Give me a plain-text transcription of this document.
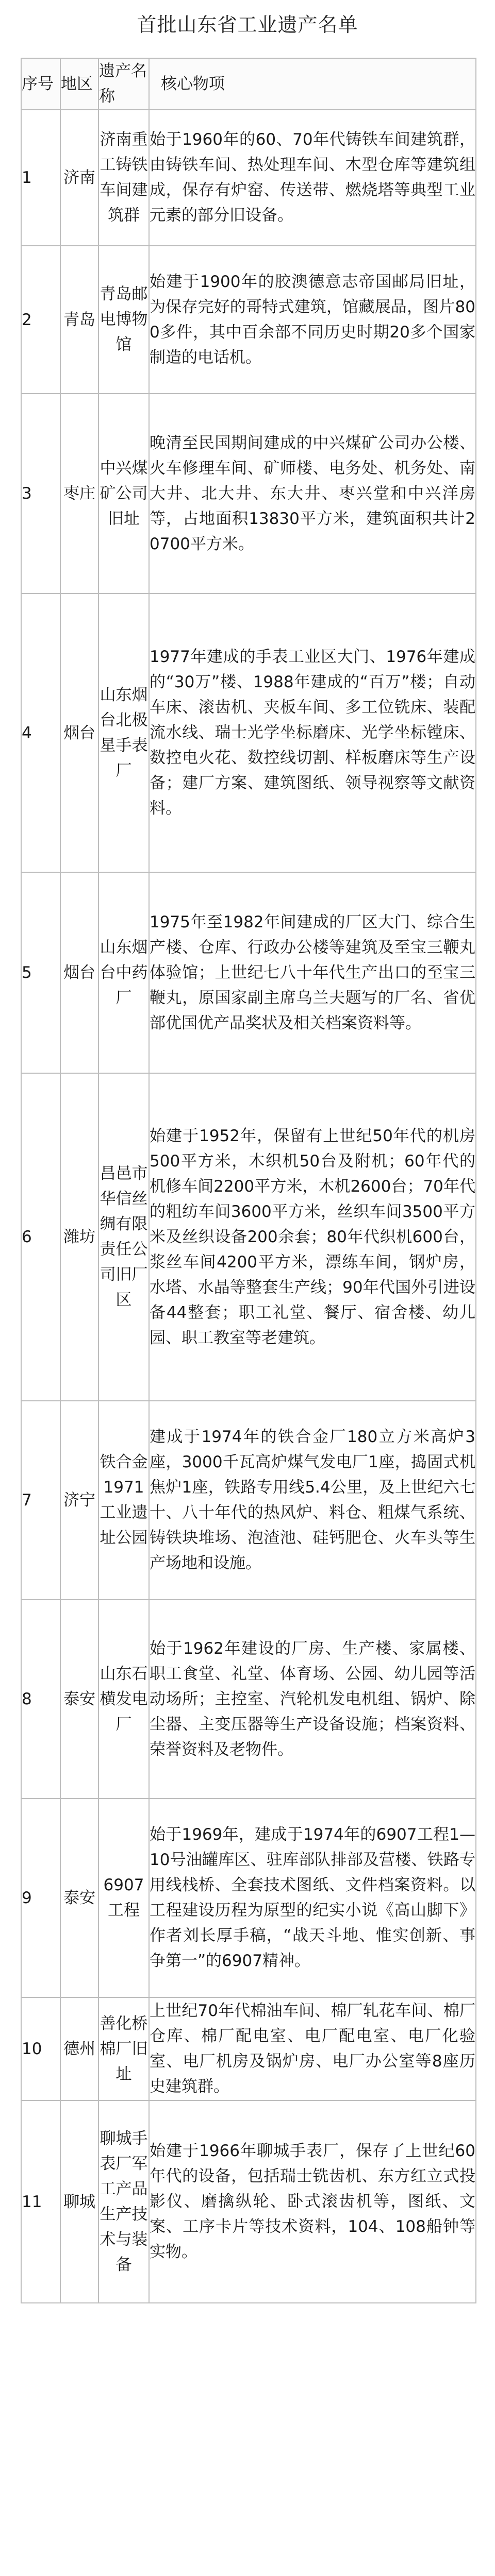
首批山东省工业遗产名单
序号	地区	遗产名称	核心物项
1	济南	济南重工铸铁车间建筑群	始于1960年的60、70年代铸铁车间建筑群，由铸铁车间、热处理车间、木型仓库等建筑组成，保存有炉窑、传送带、燃烧塔等典型工业元素的部分旧设备。
2	青岛	青岛邮电博物馆	始建于1900年的胶澳德意志帝国邮局旧址，为保存完好的哥特式建筑，馆藏展品，图片800多件，其中百余部不同历史时期20多个国家制造的电话机。
3	枣庄	中兴煤矿公司旧址	晚清至民国期间建成的中兴煤矿公司办公楼、火车修理车间、矿师楼、电务处、机务处、南大井、北大井、东大井、枣兴堂和中兴洋房等，占地面积13830平方米，建筑面积共计20700平方米。
4	烟台	山东烟台北极星手表厂	1977年建成的手表工业区大门、1976年建成的“30万”楼、1988年建成的“百万”楼；自动车床、滚齿机、夹板车间、多工位铣床、装配流水线、瑞士光学坐标磨床、光学坐标镗床、数控电火花、数控线切割、样板磨床等生产设备；建厂方案、建筑图纸、领导视察等文献资料。
5	烟台	山东烟台中药厂	1975年至1982年间建成的厂区大门、综合生产楼、仓库、行政办公楼等建筑及至宝三鞭丸体验馆；上世纪七八十年代生产出口的至宝三鞭丸，原国家副主席乌兰夫题写的厂名、省优部优国优产品奖状及相关档案资料等。
6	潍坊	昌邑市华信丝绸有限责任公司旧厂区	始建于1952年，保留有上世纪50年代的机房500平方米，木织机50台及附机；60年代的机修车间2200平方米，木机2600台；70年代的粗纺车间3600平方米，丝织车间3500平方米及丝织设备200余套；80年代织机600台，浆丝车间4200平方米，漂练车间，钢炉房，水塔、水晶等整套生产线；90年代国外引进设备44整套；职工礼堂、餐厅、宿舍楼、幼儿园、职工教室等老建筑。
7	济宁	铁合金1971工业遗址公园	建成于1974年的铁合金厂180立方米高炉3座，3000千瓦高炉煤气发电厂1座，捣固式机焦炉1座，铁路专用线5.4公里，及上世纪六七十、八十年代的热风炉、料仓、粗煤气系统、铸铁块堆场、泡渣池、硅钙肥仓、火车头等生产场地和设施。
8	泰安	山东石横发电厂	始于1962年建设的厂房、生产楼、家属楼、职工食堂、礼堂、体育场、公园、幼儿园等活动场所；主控室、汽轮机发电机组、锅炉、除尘器、主变压器等生产设备设施；档案资料、荣誉资料及老物件。
9	泰安	6907工程	始于1969年，建成于1974年的6907工程1—10号油罐库区、驻库部队排部及营楼、铁路专用线栈桥、全套技术图纸、文件档案资料。以工程建设历程为原型的纪实小说《高山脚下》作者刘长厚手稿，“战天斗地、惟实创新、事争第一”的6907精神。
10	德州	善化桥棉厂旧址	上世纪70年代棉油车间、棉厂轧花车间、棉厂仓库、棉厂配电室、电厂配电室、电厂化验室、电厂机房及锅炉房、电厂办公室等8座历史建筑群。
11	聊城	聊城手表厂军工产品生产技术与装备	始建于1966年聊城手表厂，保存了上世纪60年代的设备，包括瑞士铣齿机、东方红立式投影仪、磨擒纵轮、卧式滚齿机等，图纸、文案、工序卡片等技术资料，104、108船钟等实物。
